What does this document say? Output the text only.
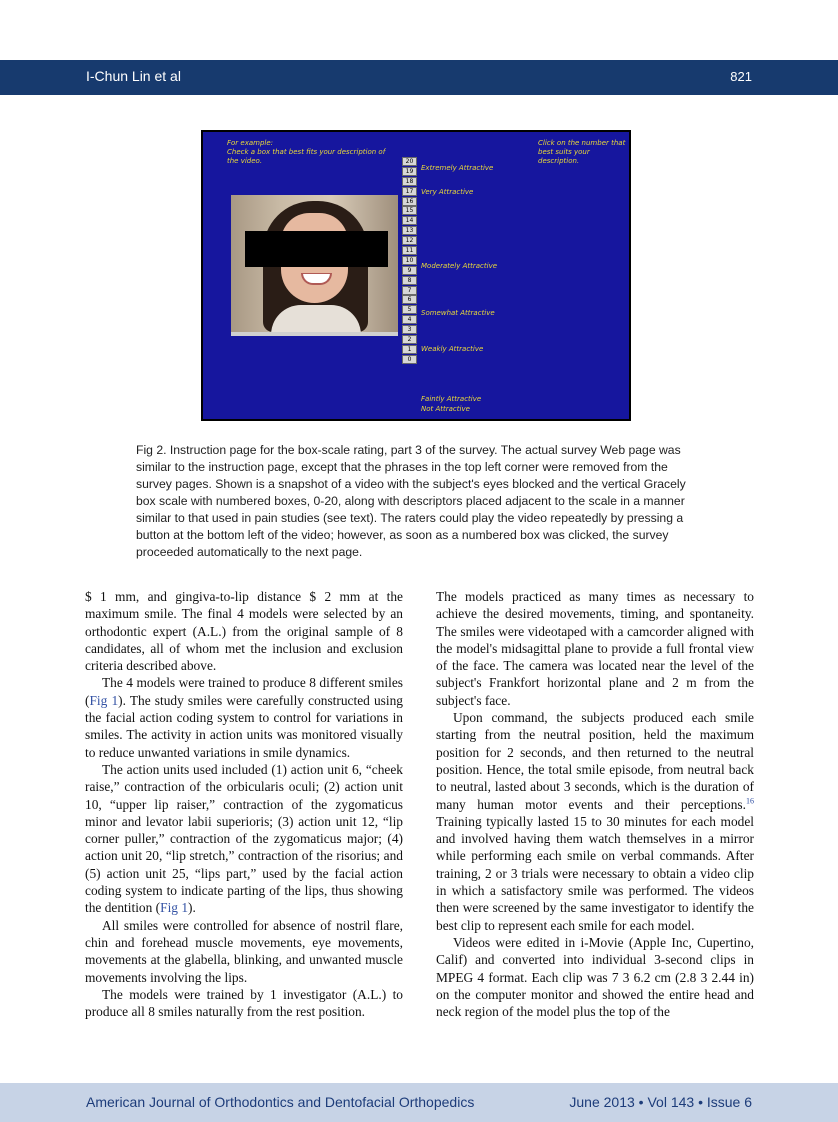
I-Chun Lin et al	821
For example:
Check a box that best fits your description of the video.
Click on the number that best suits your description.
20
19
18
17
16
15
14
13
12
11
10
9
8
7
6
5
4
3
2
1
0
Extremely Attractive
Very Attractive
Moderately Attractive
Somewhat Attractive
Weakly Attractive
Faintly Attractive
Not Attractive
Fig 2. Instruction page for the box-scale rating, part 3 of the survey. The actual survey Web page was similar to the instruction page, except that the phrases in the top left corner were removed from the survey pages. Shown is a snapshot of a video with the subject's eyes blocked and the vertical Gracely box scale with numbered boxes, 0-20, along with descriptors placed adjacent to the scale in a manner similar to that used in pain studies (see text). The raters could play the video repeatedly by pressing a button at the bottom left of the video; however, as soon as a numbered box was clicked, the survey proceeded automatically to the next page.

$ 1 mm, and gingiva-to-lip distance $ 2 mm at the maximum smile. The final 4 models were selected by an orthodontic expert (A.L.) from the original sample of 8 candidates, all of whom met the inclusion and exclusion criteria described above.

The 4 models were trained to produce 8 different smiles (Fig 1). The study smiles were carefully constructed using the facial action coding system to control for variations in smiles. The activity in action units was monitored visually to reduce unwanted variations in smile dynamics.

The action units used included (1) action unit 6, “cheek raise,” contraction of the orbicularis oculi; (2) action unit 10, “upper lip raiser,” contraction of the zygomaticus minor and levator labii superioris; (3) action unit 12, “lip corner puller,” contraction of the zygomaticus major; (4) action unit 20, “lip stretch,” contraction of the risorius; and (5) action unit 25, “lips part,” used by the facial action coding system to indicate parting of the lips, thus showing the dentition (Fig 1).

All smiles were controlled for absence of nostril flare, chin and forehead muscle movements, eye movements, movements at the glabella, blinking, and unwanted muscle movements involving the lips.

The models were trained by 1 investigator (A.L.) to produce all 8 smiles naturally from the rest position.

The models practiced as many times as necessary to achieve the desired movements, timing, and spontaneity. The smiles were videotaped with a camcorder aligned with the model's midsagittal plane to provide a full frontal view of the face. The camera was located near the level of the subject's Frankfort horizontal plane and 2 m from the subject's face.

Upon command, the subjects produced each smile starting from the neutral position, held the maximum position for 2 seconds, and then returned to the neutral position. Hence, the total smile episode, from neutral back to neutral, lasted about 3 seconds, which is the duration of many human motor events and their perceptions.$^{16}$ Training typically lasted 15 to 30 minutes for each model and involved having them watch themselves in a mirror while performing each smile on verbal commands. After training, 2 or 3 trials were necessary to obtain a video clip in which a satisfactory smile was performed. The videos then were screened by the same investigator to identify the best clip to represent each smile for each model.

Videos were edited in i-Movie (Apple Inc, Cupertino, Calif) and converted into individual 3-second clips in MPEG 4 format. Each clip was 7 3 6.2 cm (2.8 3 2.44 in) on the computer monitor and showed the entire head and neck region of the model plus the top of the

American Journal of Orthodontics and Dentofacial Orthopedics	June 2013 • Vol 143 • Issue 6
